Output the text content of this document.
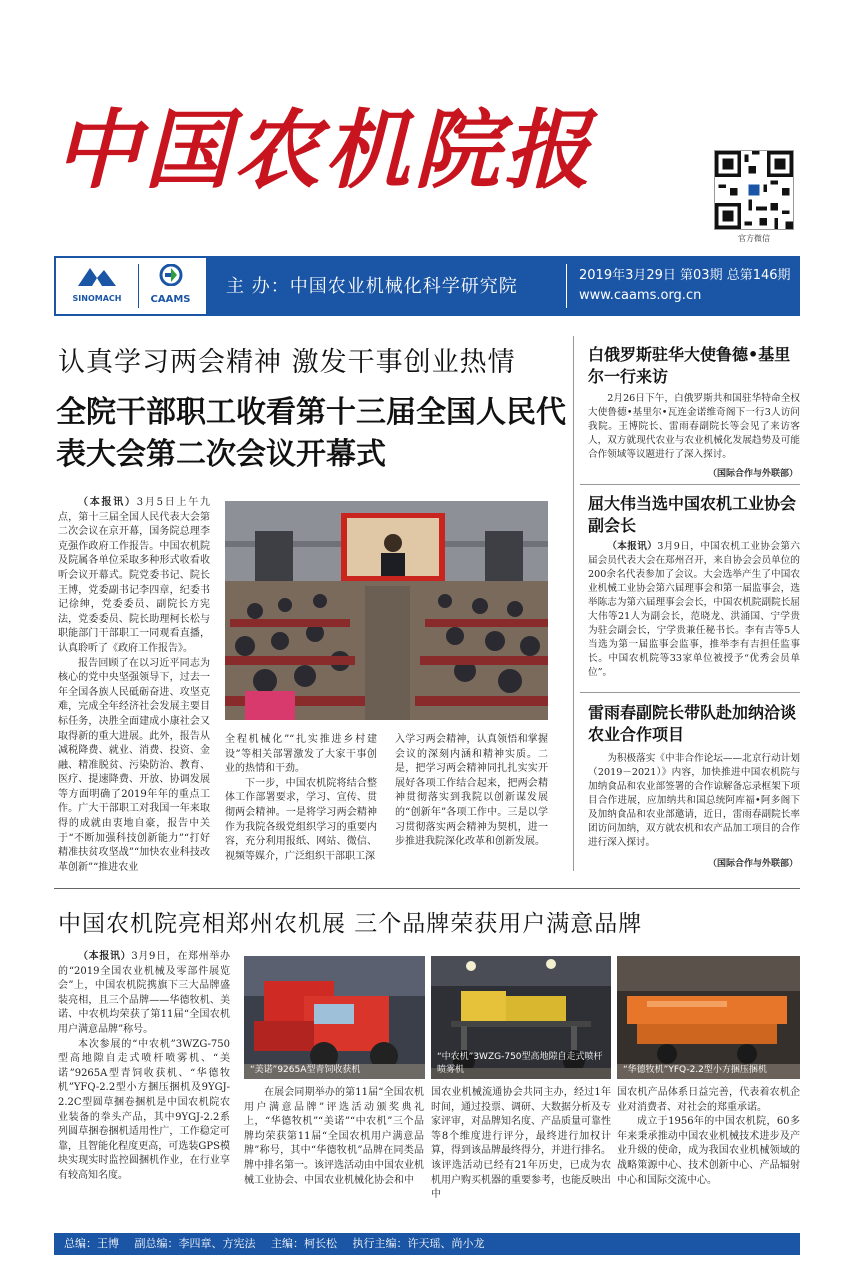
中国农机院报
官方微信
SINOMACH	CAAMS
主 办：中国农业机械化科学研究院
2019年3月29日 第03期 总第146期
www.caams.org.cn
认真学习两会精神 激发干事创业热情
全院干部职工收看第十三届全国人民代表大会第二次会议开幕式

（本报讯）3月5日上午九点，第十三届全国人民代表大会第二次会议在京开幕，国务院总理李克强作政府工作报告。中国农机院及院属各单位采取多种形式收看收听会议开幕式。院党委书记、院长王博，党委副书记李四章，纪委书记徐绅，党委委员、副院长方宪法，党委委员、院长助理柯长松与职能部门干部职工一同观看直播，认真聆听了《政府工作报告》。

报告回顾了在以习近平同志为核心的党中央坚强领导下，过去一年全国各族人民砥砺奋进、攻坚克难，完成全年经济社会发展主要目标任务，决胜全面建成小康社会又取得新的重大进展。此外，报告从减税降费、就业、消费、投资、金融、精准脱贫、污染防治、教育、医疗、提速降费、开放、协调发展等方面明确了2019年年的重点工作。广大干部职工对我国一年来取得的成就由衷地自豪，报告中关于“不断加强科技创新能力”“打好精准扶贫攻坚战”“加快农业科技改革创新”“推进农业

全程机械化”“扎实推进乡村建设”等相关部署激发了大家干事创业的热情和干劲。

下一步，中国农机院将结合整体工作部署要求，学习、宣传、贯彻两会精神。一是将学习两会精神作为我院各级党组织学习的重要内容，充分利用报纸、网站、微信、视频等媒介，广泛组织干部职工深

入学习两会精神，认真领悟和掌握会议的深刻内涵和精神实质。二是，把学习两会精神同扎扎实实开展好各项工作结合起来，把两会精神贯彻落实到我院以创新谋发展的“创新年”各项工作中。三是以学习贯彻落实两会精神为契机，进一步推进我院深化改革和创新发展。

白俄罗斯驻华大使鲁德•基里尔一行来访

2月26日下午，白俄罗斯共和国驻华特命全权大使鲁德•基里尔•瓦连金诺维奇阁下一行3人访问我院。王博院长、雷雨春副院长等会见了来访客人，双方就现代农业与农业机械化发展趋势及可能合作领域等议题进行了深入探讨。

（国际合作与外联部）
屈大伟当选中国农机工业协会副会长

（本报讯）3月9日，中国农机工业协会第六届会员代表大会在郑州召开，来自协会会员单位的200余名代表参加了会议。大会选举产生了中国农业机械工业协会第六届理事会和第一届监事会，选举陈志为第六届理事会会长，中国农机院副院长屈大伟等21人为副会长，范晓龙、洪涌国、宁学贵为驻会副会长，宁学贵兼任秘书长。李有吉等5人当选为第一届监事会监事，推举李有吉担任监事长。中国农机院等33家单位被授予“优秀会员单位”。

雷雨春副院长带队赴加纳洽谈农业合作项目

为积极落实《中非合作论坛——北京行动计划（2019－2021）》内容，加快推进中国农机院与加纳食品和农业部签署的合作谅解备忘录框架下项目合作进展，应加纳共和国总统阿库福•阿多阁下及加纳食品和农业部邀请，近日，雷雨春副院长率团访问加纳，双方就农机和农产品加工项目的合作进行深入探讨。

（国际合作与外联部）
中国农机院亮相郑州农机展 三个品牌荣获用户满意品牌

（本报讯）3月9日，在郑州举办的“2019全国农业机械及零部件展览会”上，中国农机院携旗下三大品牌盛装亮相，且三个品牌——华德牧机、美诺、中农机均荣获了第11届“全国农机用户满意品牌”称号。

本次参展的“中农机”3WZG-750型高地隙自走式喷杆喷雾机、“美诺”9265A型青饲收获机、“华德牧机”YFQ-2.2型小方捆压捆机及9YGJ-2.2C型圆草捆卷捆机是中国农机院农业装备的拳头产品，其中9YGJ-2.2系列圆草捆卷捆机适用性广，工作稳定可靠，且智能化程度更高，可选装GPS模块实现实时监控圆捆机作业，在行业享有较高知名度。

“美诺”9265A型青饲收获机
“中农机”3WZG-750型高地隙自走式喷杆喷雾机	“华德牧机”YFQ-2.2型小方捆压捆机

在展会同期举办的第11届“全国农机用户满意品牌”评选活动颁奖典礼上，“华德牧机”“美诺”“中农机”三个品牌均荣获第11届“全国农机用户满意品牌”称号，其中“华德牧机”品牌在同类品牌中排名第一。该评选活动由中国农业机械工业协会、中国农业机械化协会和中

国农业机械流通协会共同主办，经过1年时间，通过投票、调研、大数据分析及专家评审，对品牌知名度、产品质量可靠性等8个维度进行评分，最终进行加权计算，得到该品牌最终得分，并进行排名。该评选活动已经有21年历史，已成为农机用户购买机器的重要参考，也能反映出中

国农机产品体系日益完善，代表着农机企业对消费者、对社会的郑重承诺。

成立于1956年的中国农机院，60多年来秉承推动中国农业机械技术进步及产业升级的使命，成为我国农业机械领域的战略策源中心、技术创新中心、产品辐射中心和国际交流中心。

总编：王博 副总编：李四章、方宪法 主编：柯长松 执行主编：许天瑶、尚小龙
